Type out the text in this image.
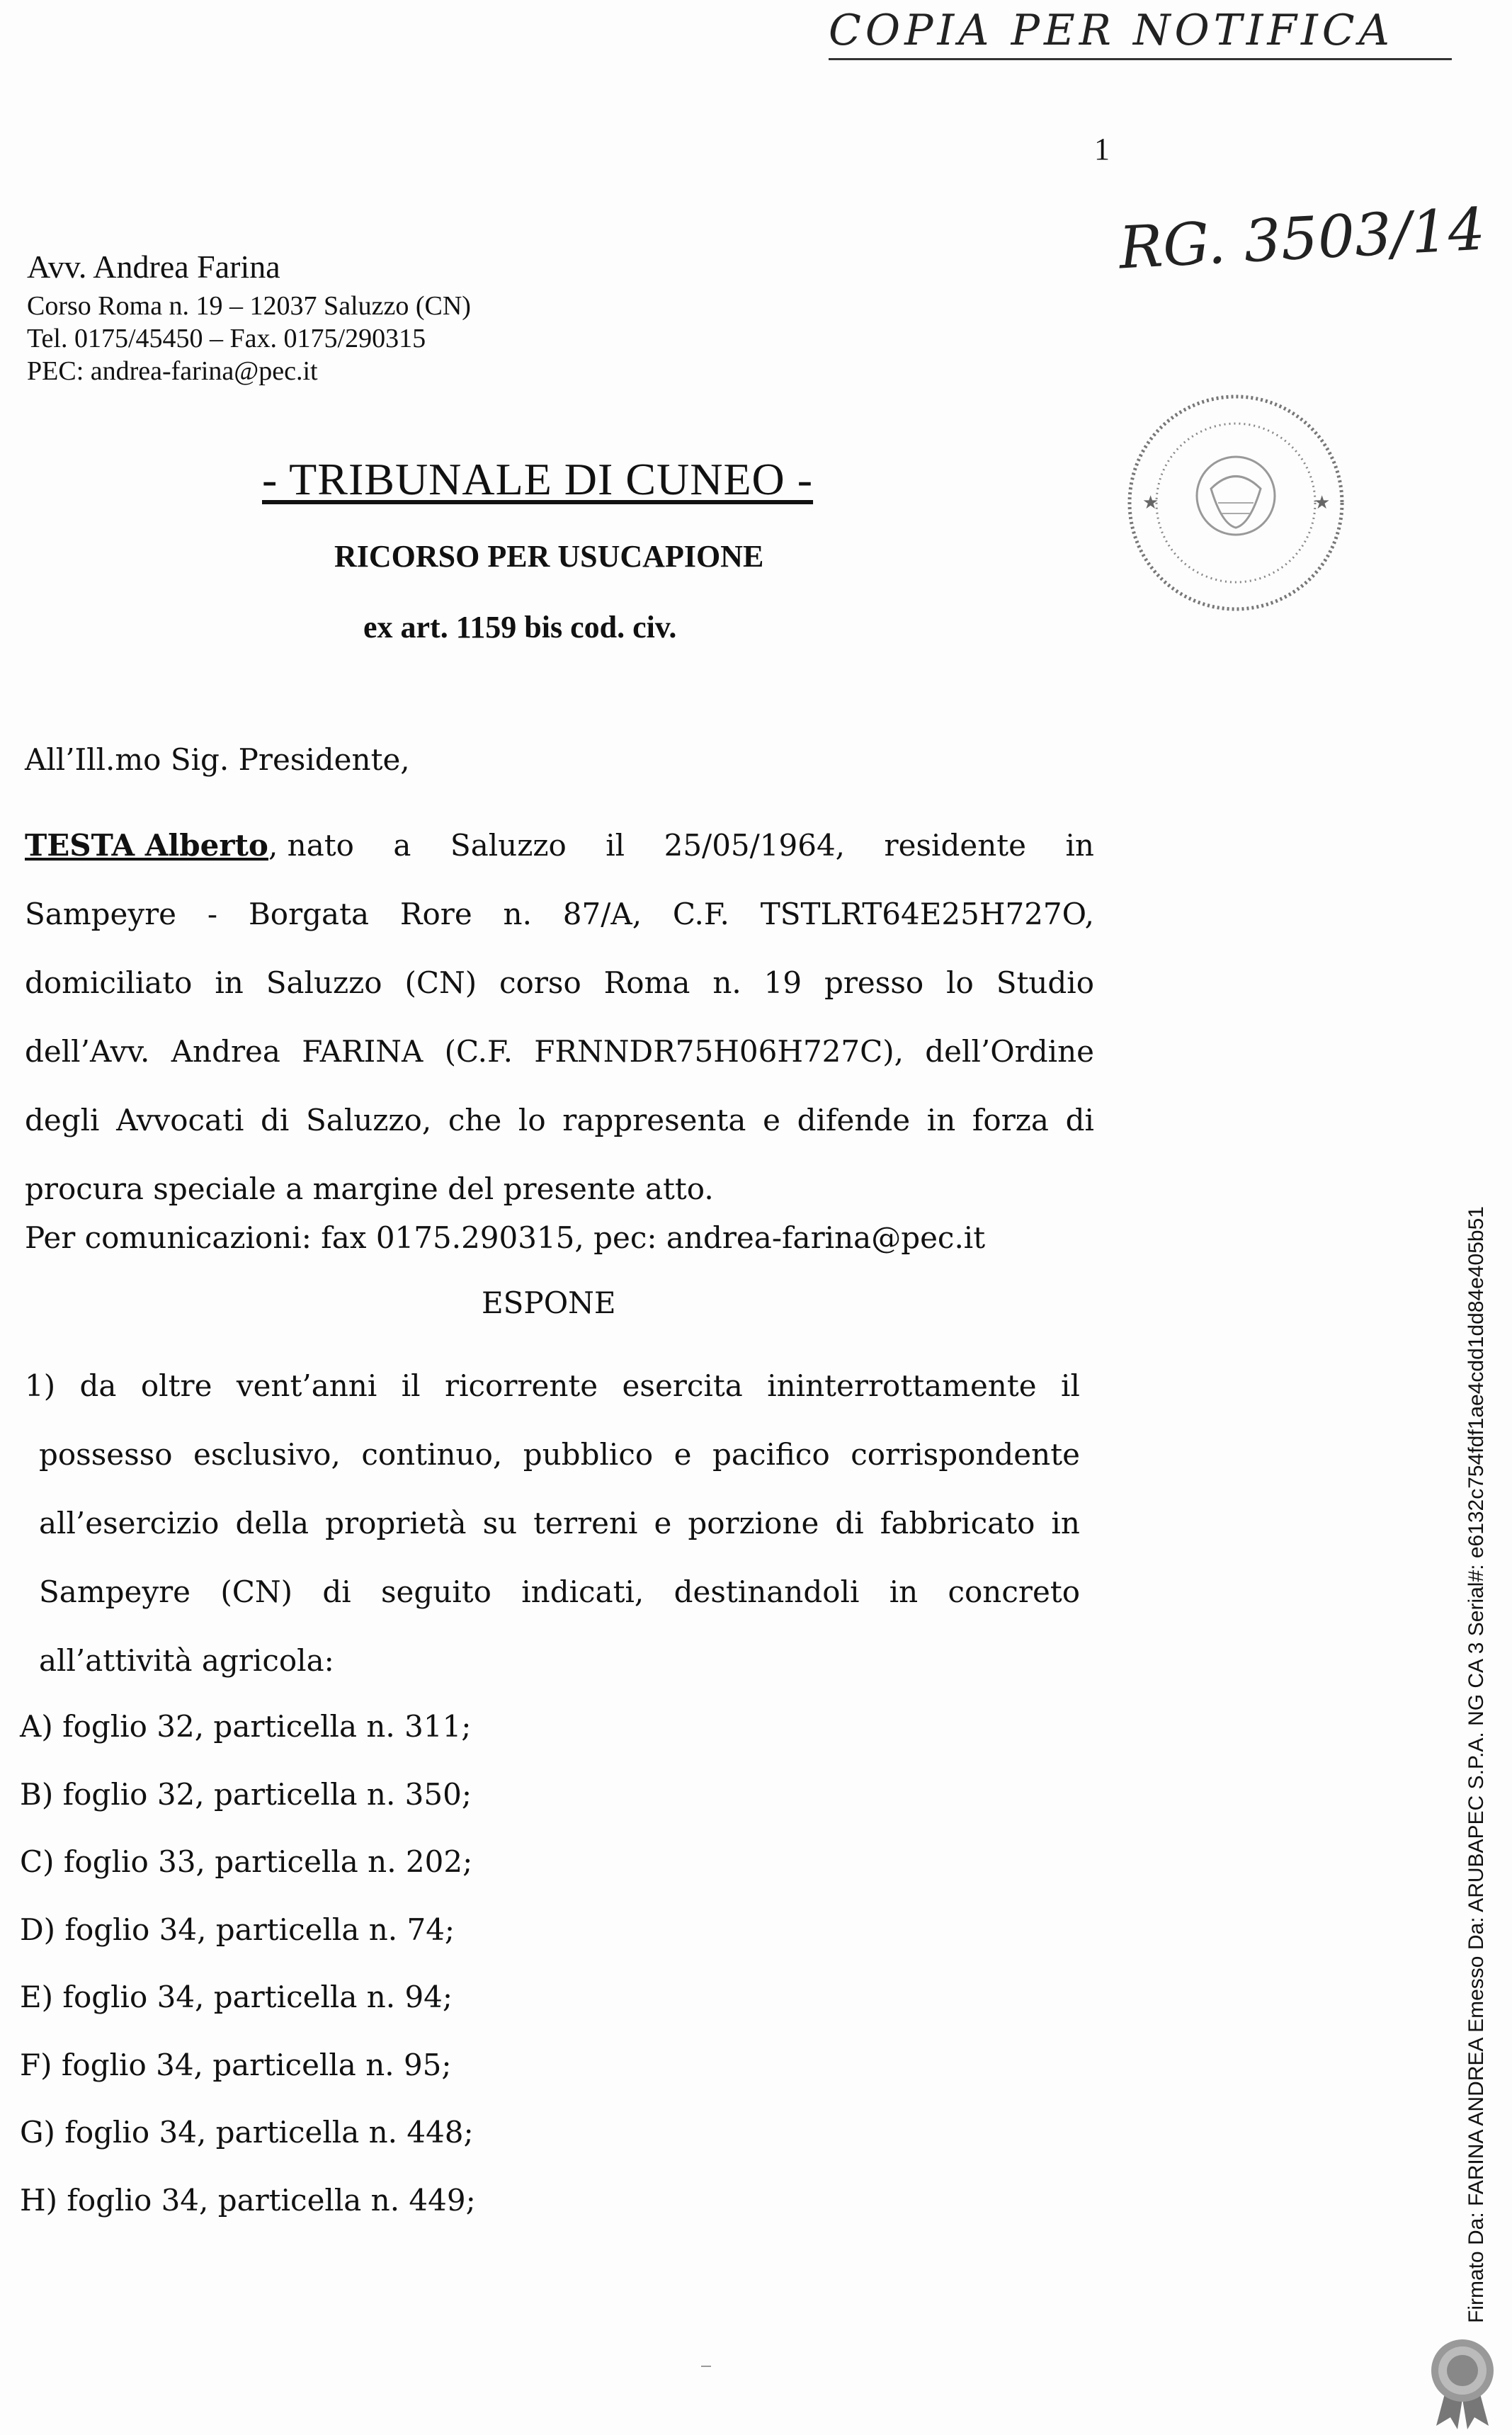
COPIA PER NOTIFICA
1
RG. 3503/14

Avv. Andrea Farina

Corso Roma n. 19 – 12037 Saluzzo (CN)

Tel. 0175/45450 – Fax. 0175/290315

PEC: andrea-farina@pec.it

★	★
- TRIBUNALE DI CUNEO -
RICORSO PER USUCAPIONE
ex art. 1159 bis cod. civ.
All’Ill.mo Sig. Presidente,
TESTA Alberto, nato a Saluzzo il 25/05/1964, residente in
Sampeyre - Borgata Rore n. 87/A, C.F. TSTLRT64E25H727O,
domiciliato in Saluzzo (CN) corso Roma n. 19 presso lo Studio
dell’Avv. Andrea FARINA (C.F. FRNNDR75H06H727C), dell’Ordine
degli Avvocati di Saluzzo, che lo rappresenta e difende in forza di
procura speciale a margine del presente atto.
Per comunicazioni: fax 0175.290315, pec: andrea-farina@pec.it
ESPONE
1) da oltre vent’anni il ricorrente esercita ininterrottamente il
possesso esclusivo, continuo, pubblico e pacifico corrispondente
all’esercizio della proprietà su terreni e porzione di fabbricato in
Sampeyre (CN) di seguito indicati, destinandoli in concreto
all’attività agricola:
A) foglio 32, particella n. 311;
B) foglio 32, particella n. 350;
C) foglio 33, particella n. 202;
D) foglio 34, particella n. 74;
E) foglio 34, particella n. 94;
F) foglio 34, particella n. 95;
G) foglio 34, particella n. 448;
H) foglio 34, particella n. 449;	Firmato Da: FARINA ANDREA Emesso Da: ARUBAPEC S.P.A. NG CA 3 Serial#: e6132c754fdf1ae4cdd1dd84e405b51
